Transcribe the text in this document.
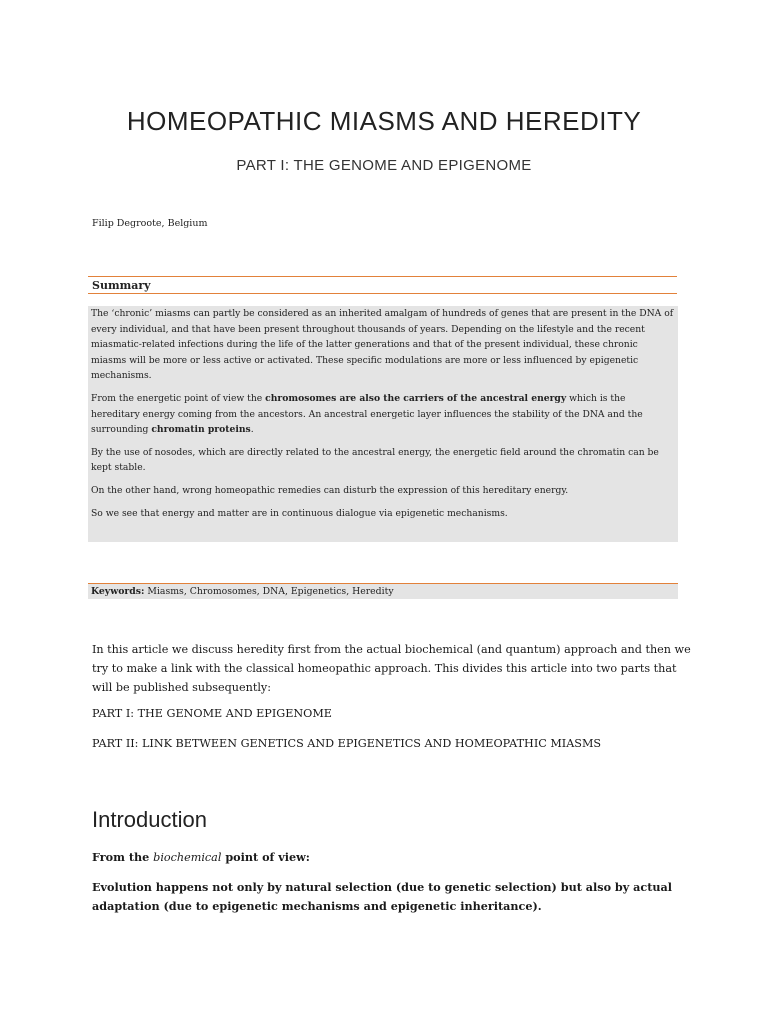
HOMEOPATHIC MIASMS AND HEREDITY
PART I: THE GENOME AND EPIGENOME
Filip Degroote, Belgium
Summary

The ‘chronic’ miasms can partly be considered as an inherited amalgam of hundreds of genes that are present in the DNA of every individual, and that have been present throughout thousands of years. Depending on the lifestyle and the recent miasmatic-related infections during the life of the latter generations and that of the present individual, these chronic miasms will be more or less active or activated. These specific modulations are more or less influenced by epigenetic mechanisms.

From the energetic point of view the chromosomes are also the carriers of the ancestral energy which is the hereditary energy coming from the ancestors. An ancestral energetic layer influences the stability of the DNA and the surrounding chromatin proteins.

By the use of nosodes, which are directly related to the ancestral energy, the energetic field around the chromatin can be kept stable.

On the other hand, wrong homeopathic remedies can disturb the expression of this hereditary energy.

So we see that energy and matter are in continuous dialogue via epigenetic mechanisms.

Keywords: Miasms, Chromosomes, DNA, Epigenetics, Heredity

In this article we discuss heredity first from the actual biochemical (and quantum) approach and then we try to make a link with the classical homeopathic approach. This divides this article into two parts that will be published subsequently:

PART I: THE GENOME AND EPIGENOME
PART II: LINK BETWEEN GENETICS AND EPIGENETICS AND HOMEOPATHIC MIASMS
Introduction
From the biochemical point of view:
Evolution happens not only by natural selection (due to genetic selection) but also by actual adaptation (due to epigenetic mechanisms and epigenetic inheritance).
